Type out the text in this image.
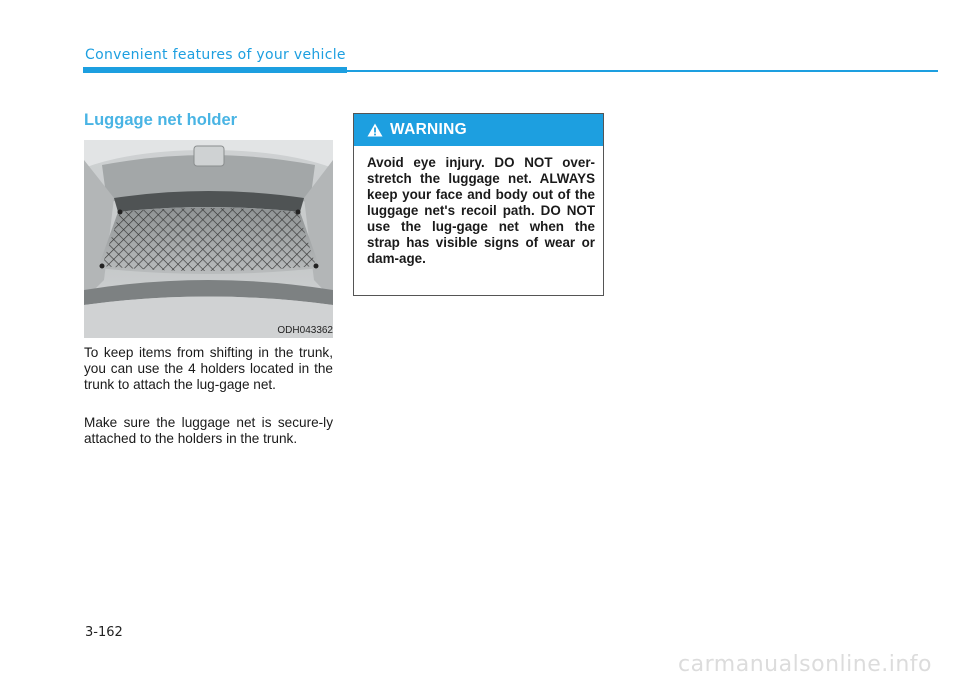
Convenient features of your vehicle
Luggage net holder
ODH043362

To keep items from shifting in the trunk, you can use the 4 holders located in the trunk to attach the lug-gage net.

Make sure the luggage net is secure-ly attached to the holders in the trunk.

WARNING
Avoid eye injury. DO NOT over-stretch the luggage net. ALWAYS keep your face and body out of the luggage net's recoil path. DO NOT use the lug-gage net when the strap has visible signs of wear or dam-age.
3-162
carmanualsonline.info
